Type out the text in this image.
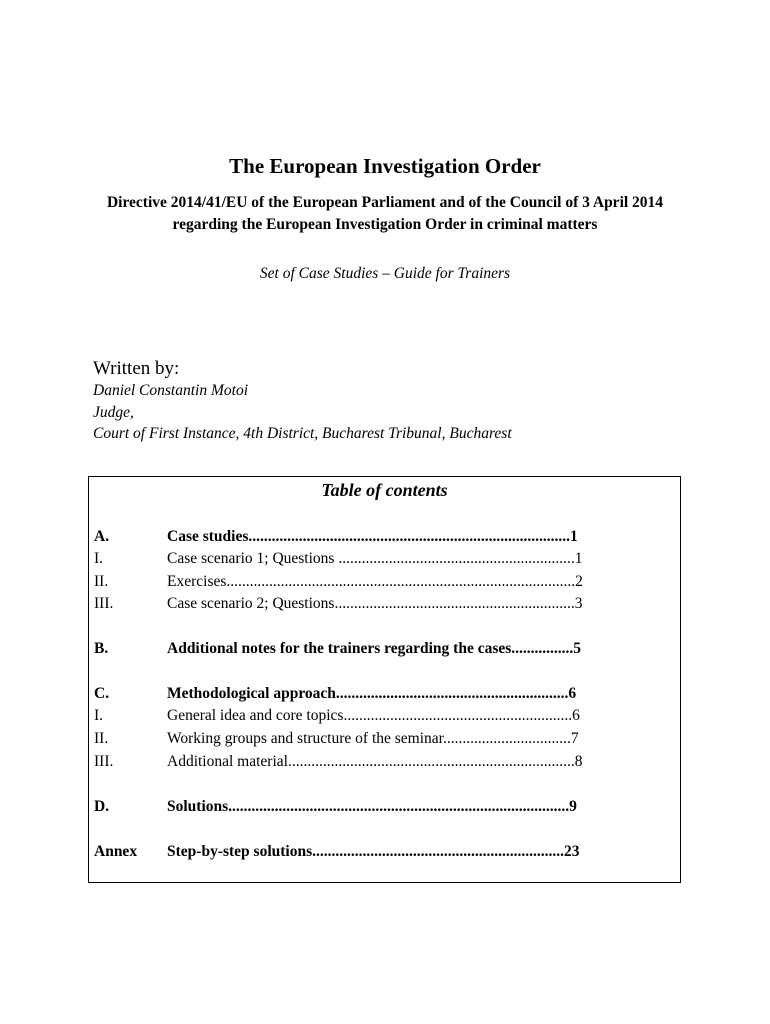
The European Investigation Order

Directive 2014/41/EU of the European Parliament and of the Council of 3 April 2014 regarding the European Investigation Order in criminal matters

Set of Case Studies – Guide for Trainers

Written by:

Daniel Constantin Motoi

Judge,

Court of First Instance, 4th District, Bucharest Tribunal, Bucharest

Table of contents

A.	Case studies...................................................................................1
I.	Case scenario 1; Questions .............................................................1
II.	Exercises..........................................................................................2
III.	Case scenario 2; Questions..............................................................3
B.	Additional notes for the trainers regarding the cases................5
C.	Methodological approach............................................................6
I.	General idea and core topics...........................................................6
II.	Working groups and structure of the seminar.................................7
III.	Additional material..........................................................................8
D.	Solutions........................................................................................9
Annex	Step-by-step solutions.................................................................23
